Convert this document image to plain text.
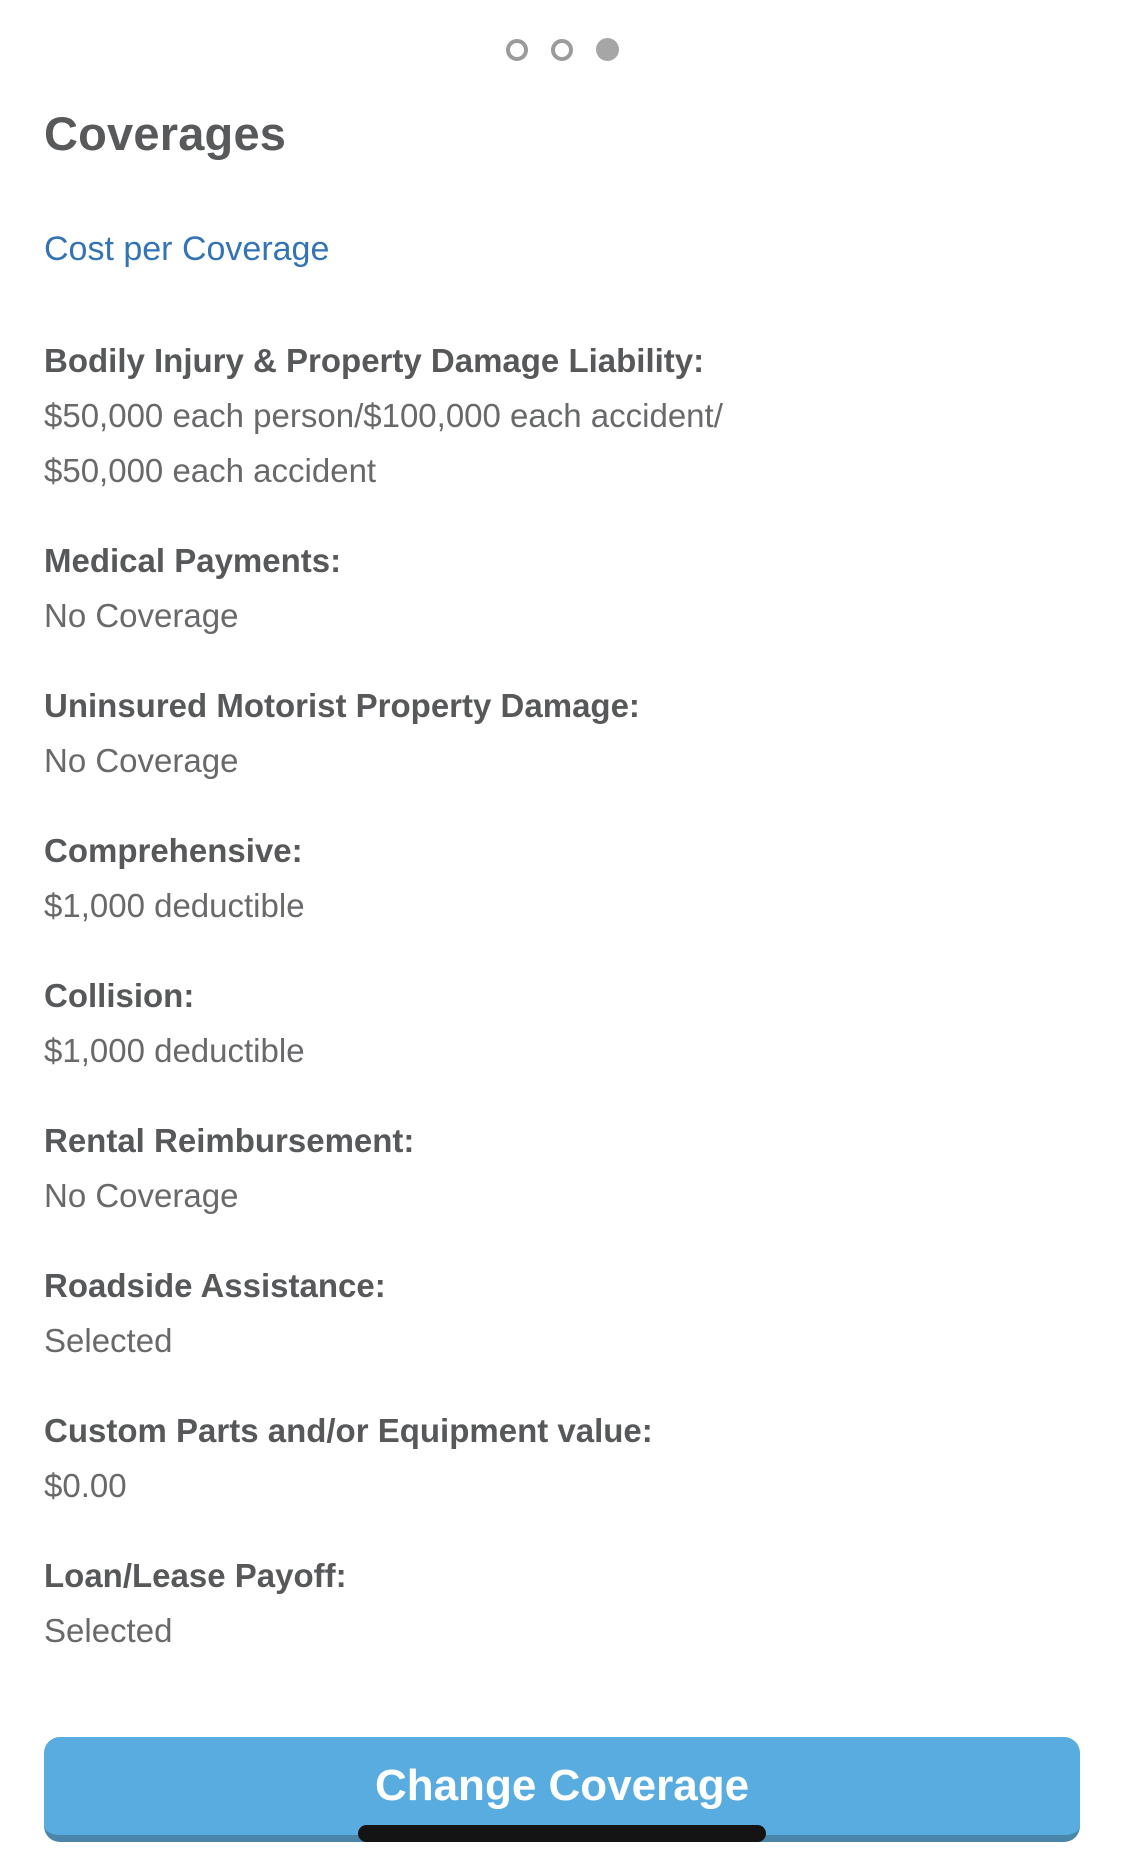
Coverages
Cost per Coverage

Bodily Injury & Property Damage Liability:

$50,000 each person/$100,000 each accident/ $50,000 each accident

Medical Payments:

No Coverage

Uninsured Motorist Property Damage:

No Coverage

Comprehensive:

$1,000 deductible

Collision:

$1,000 deductible

Rental Reimbursement:

No Coverage

Roadside Assistance:

Selected

Custom Parts and/or Equipment value:

$0.00

Loan/Lease Payoff:

Selected

Change Coverage
